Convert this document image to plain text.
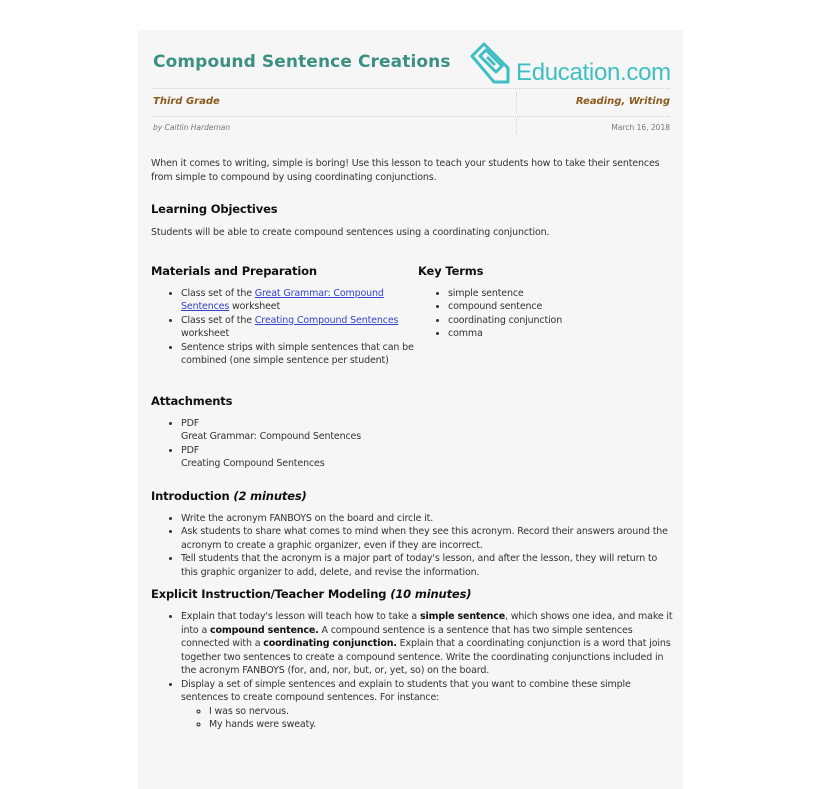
Compound Sentence Creations	Education.com
Third Grade	Reading, Writing
by Caitlin Hardeman	March 16, 2018

When it comes to writing, simple is boring! Use this lesson to teach your students how to take their sentences from simple to compound by using coordinating conjunctions.

Learning Objectives

Students will be able to create compound sentences using a coordinating conjunction.

Materials and Preparation
• Class set of the Great Grammar: Compound Sentences worksheet
• Class set of the Creating Compound Sentences worksheet
• Sentence strips with simple sentences that can be combined (one simple sentence per student)
Key Terms
• simple sentence
• compound sentence
• coordinating conjunction
• comma
Attachments
• PDF
Great Grammar: Compound Sentences
• PDF
Creating Compound Sentences
Introduction (2 minutes)
• Write the acronym FANBOYS on the board and circle it.
• Ask students to share what comes to mind when they see this acronym. Record their answers around the acronym to create a graphic organizer, even if they are incorrect.
• Tell students that the acronym is a major part of today's lesson, and after the lesson, they will return to this graphic organizer to add, delete, and revise the information.
Explicit Instruction/Teacher Modeling (10 minutes)
• Explain that today's lesson will teach how to take a simple sentence, which shows one idea, and make it into a compound sentence. A compound sentence is a sentence that has two simple sentences connected with a coordinating conjunction. Explain that a coordinating conjunction is a word that joins together two sentences to create a compound sentence. Write the coordinating conjunctions included in the acronym FANBOYS (for, and, nor, but, or, yet, so) on the board.
• Display a set of simple sentences and explain to students that you want to combine these simple sentences to create compound sentences. For instance:
◦ I was so nervous.
◦ My hands were sweaty.
